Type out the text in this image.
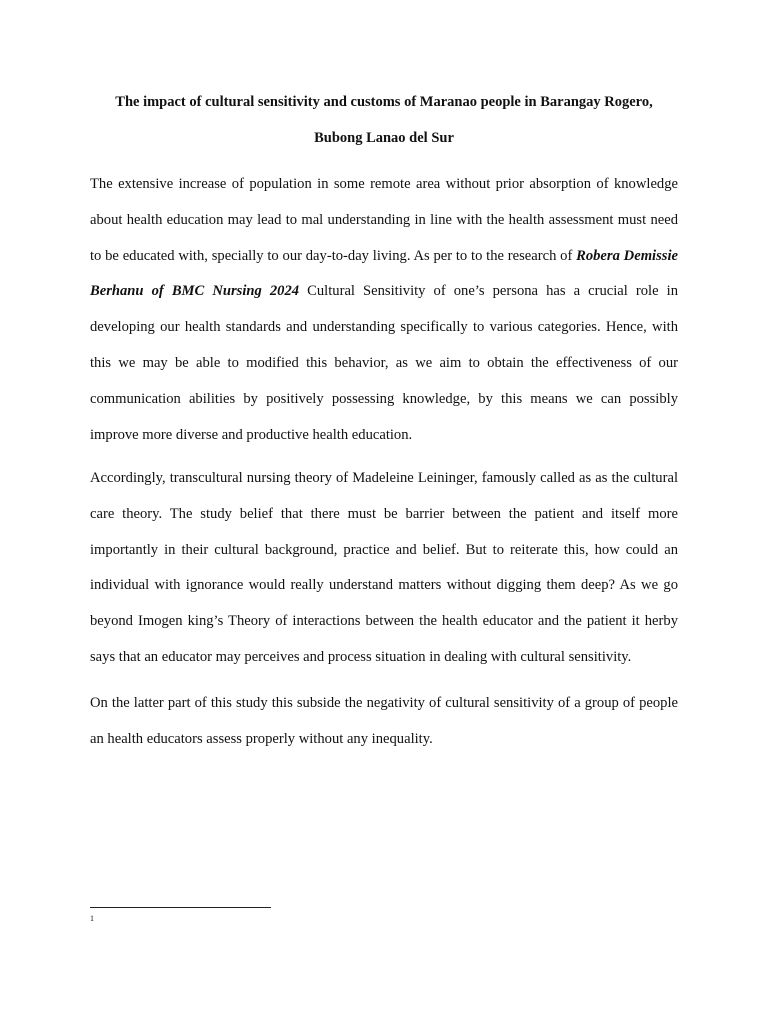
The impact of cultural sensitivity and customs of Maranao people in Barangay Rogero,
Bubong Lanao del Sur

The extensive increase of population in some remote area without prior absorption of knowledge about health education may lead to mal understanding in line with the health assessment must need to be educated with, specially to our day-to-day living. As per to to the research of Robera Demissie Berhanu of BMC Nursing 2024 Cultural Sensitivity of one’s persona has a crucial role in developing our health standards and understanding specifically to various categories. Hence, with this we may be able to modified this behavior, as we aim to obtain the effectiveness of our communication abilities by positively possessing knowledge, by this means we can possibly improve more diverse and productive health education.

Accordingly, transcultural nursing theory of Madeleine Leininger, famously called as as the cultural care theory. The study belief that there must be barrier between the patient and itself more importantly in their cultural background, practice and belief. But to reiterate this, how could an individual with ignorance would really understand matters without digging them deep? As we go beyond Imogen king’s Theory of interactions between the health educator and the patient it herby says that an educator may perceives and process situation in dealing with cultural sensitivity.

On the latter part of this study this subside the negativity of cultural sensitivity of a group of people an health educators assess properly without any inequality.

1
